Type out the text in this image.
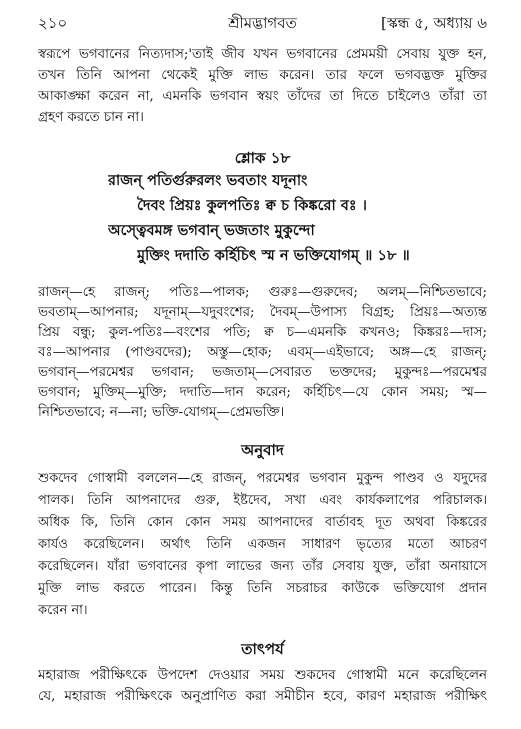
২১০	শ্রীমদ্ভাগবত	[স্কন্ধ ৫, অধ্যায় ৬
স্বরূপে ভগবানের নিত্যদাস;'তাই জীব যখন ভগবানের প্রেমময়ী সেবায় যুক্ত হন,
তখন তিনি আপনা থেকেই মুক্তি লাভ করেন। তার ফলে ভগবদ্ভক্ত মুক্তির
আকাঙ্ক্ষা করেন না, এমনকি ভগবান স্বয়ং তাঁদের তা দিতে চাইলেও তাঁরা তা
গ্রহণ করতে চান না।
শ্লোক ১৮
রাজন্ পতির্গুরুরলং ভবতাং যদূনাং
দৈবং প্রিয়ঃ কুলপতিঃ ক্ব চ কিঙ্করো বঃ ।
অস্ত্বেবমঙ্গ ভগবান্ ভজতাং মুকুন্দো
মুক্তিং দদাতি কর্হিচিৎ স্ম ন ভক্তিযোগম্ ॥ ১৮ ॥
রাজন্—হে রাজন্; পতিঃ—পালক; গুরুঃ—গুরুদেব; অলম্—নিশ্চিতভাবে;
ভবতাম্—আপনার; যদূনাম্—যদুবংশের; দৈবম্—উপাস্য বিগ্রহ; প্রিয়ঃ—অত্যন্ত
প্রিয় বন্ধু; কুল-পতিঃ—বংশের পতি; ক্ব চ—এমনকি কখনও; কিঙ্করঃ—দাস;
বঃ—আপনার (পাণ্ডবদের); অস্তু—হোক; এবম্—এইভাবে; অঙ্গ—হে রাজন্;
ভগবান্—পরমেশ্বর ভগবান; ভজতাম্—সেবারত ভক্তদের; মুকুন্দঃ—পরমেশ্বর
ভগবান; মুক্তিম্—মুক্তি; দদাতি—দান করেন; কর্হিচিৎ—যে কোন সময়; স্ম—
নিশ্চিতভাবে; ন—না; ভক্তি-যোগম্—প্রেমভক্তি।
অনুবাদ
শুকদেব গোস্বামী বললেন—হে রাজন্, পরমেশ্বর ভগবান মুকুন্দ পাণ্ডব ও যদুদের
পালক। তিনি আপনাদের গুরু, ইষ্টদেব, সখা এবং কার্যকলাপের পরিচালক।
অধিক কি, তিনি কোন কোন সময় আপনাদের বার্তাবহ দূত অথবা কিঙ্করের
কার্যও করেছিলেন। অর্থাৎ তিনি একজন সাধারণ ভৃত্যের মতো আচরণ
করেছিলেন। যাঁরা ভগবানের কৃপা লাভের জন্য তাঁর সেবায় যুক্ত, তাঁরা অনায়াসে
মুক্তি লাভ করতে পারেন। কিন্তু তিনি সচরাচর কাউকে ভক্তিযোগ প্রদান
করেন না।
তাৎপর্য
মহারাজ পরীক্ষিৎকে উপদেশ দেওয়ার সময় শুকদেব গোস্বামী মনে করেছিলেন
যে, মহারাজ পরীক্ষিৎকে অনুপ্রাণিত করা সমীচীন হবে, কারণ মহারাজ পরীক্ষিৎ
